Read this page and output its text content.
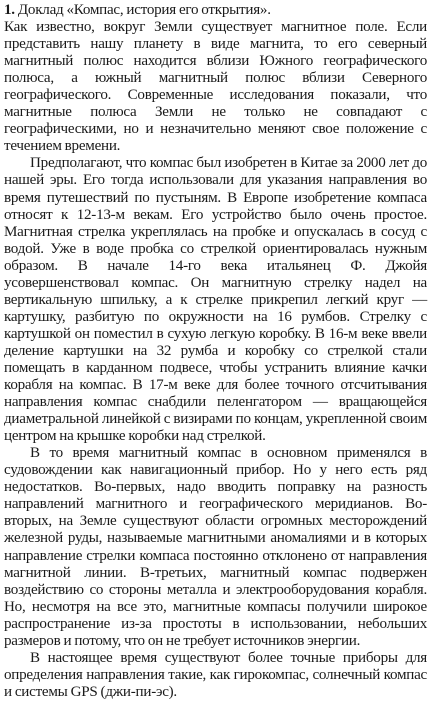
1. Доклад «Компас, история его открытия».

Как известно, вокруг Земли существует магнитное поле. Если представить нашу планету в виде магнита, то его северный магнитный полюс находится вблизи Южного географического полюса, а южный магнитный полюс вблизи Северного географического. Современные исследования показали, что магнитные полюса Земли не только не совпадают с географическими, но и незначительно меняют свое положение с течением времени.

Предполагают, что компас был изобретен в Китае за 2000 лет до нашей эры. Его тогда использовали для указания направления во время путешествий по пустыням. В Европе изобретение компаса относят к 12-13-м векам. Его устройство было очень простое. Магнитная стрелка укреплялась на пробке и опускалась в сосуд с водой. Уже в воде пробка со стрелкой ориентировалась нужным образом. В начале 14-го века итальянец Ф. Джойя усовершенствовал компас. Он магнитную стрелку надел на вертикальную шпильку, а к стрелке прикрепил легкий круг — картушку, разбитую по окружности на 16 румбов. Стрелку с картушкой он поместил в сухую легкую коробку. В 16-м веке ввели деление картушки на 32 румба и коробку со стрелкой стали помещать в карданном подвесе, чтобы устранить влияние качки корабля на компас. В 17-м веке для более точного отсчитывания направления компас снабдили пеленгатором — вращающейся диаметральной линейкой с визирами по концам, укрепленной своим центром на крышке коробки над стрелкой.

В то время магнитный компас в основном применялся в судовождении как навигационный прибор. Но у него есть ряд недостатков. Во-первых, надо вводить поправку на разность направлений магнитного и географического меридианов. Во-вторых, на Земле существуют области огромных месторождений железной руды, называемые магнитными аномалиями и в которых направление стрелки компаса постоянно отклонено от направления магнитной линии. В-третьих, магнитный компас подвержен воздействию со стороны металла и электрооборудования корабля. Но, несмотря на все это, магнитные компасы получили широкое распространение из-за простоты в использовании, небольших размеров и потому, что он не требует источников энергии.

В настоящее время существуют более точные приборы для определения направления такие, как гирокомпас, солнечный компас и системы GPS (джи-пи-эс).
